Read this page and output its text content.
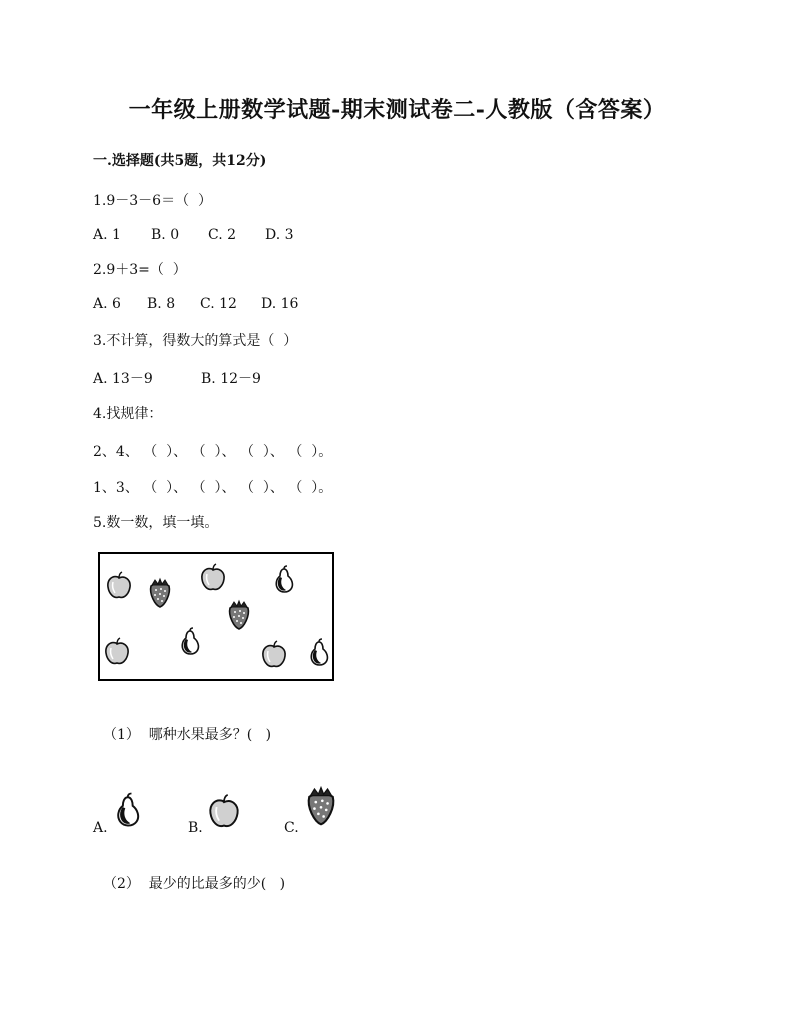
一年级上册数学试题-期末测试卷二-人教版（含答案）
一.选择题(共5题，共12分)
1.9－3－6＝（  ）
A. 1 B. 0 C. 2 D. 3
2.9＋3=（  ）
A. 6 B. 8 C. 12 D. 16
3.不计算，得数大的算式是（  ）
A. 13－9	B. 12－9
4.找规律：
2、4、 （  ）、 （  ）、 （  ）、 （  ）。
1、3、 （  ）、 （  ）、 （  ）、 （  ）。
5.数一数，填一填。
（1）  哪种水果最多？(   )
A.	B.	C.
（2）  最少的比最多的少(   )
